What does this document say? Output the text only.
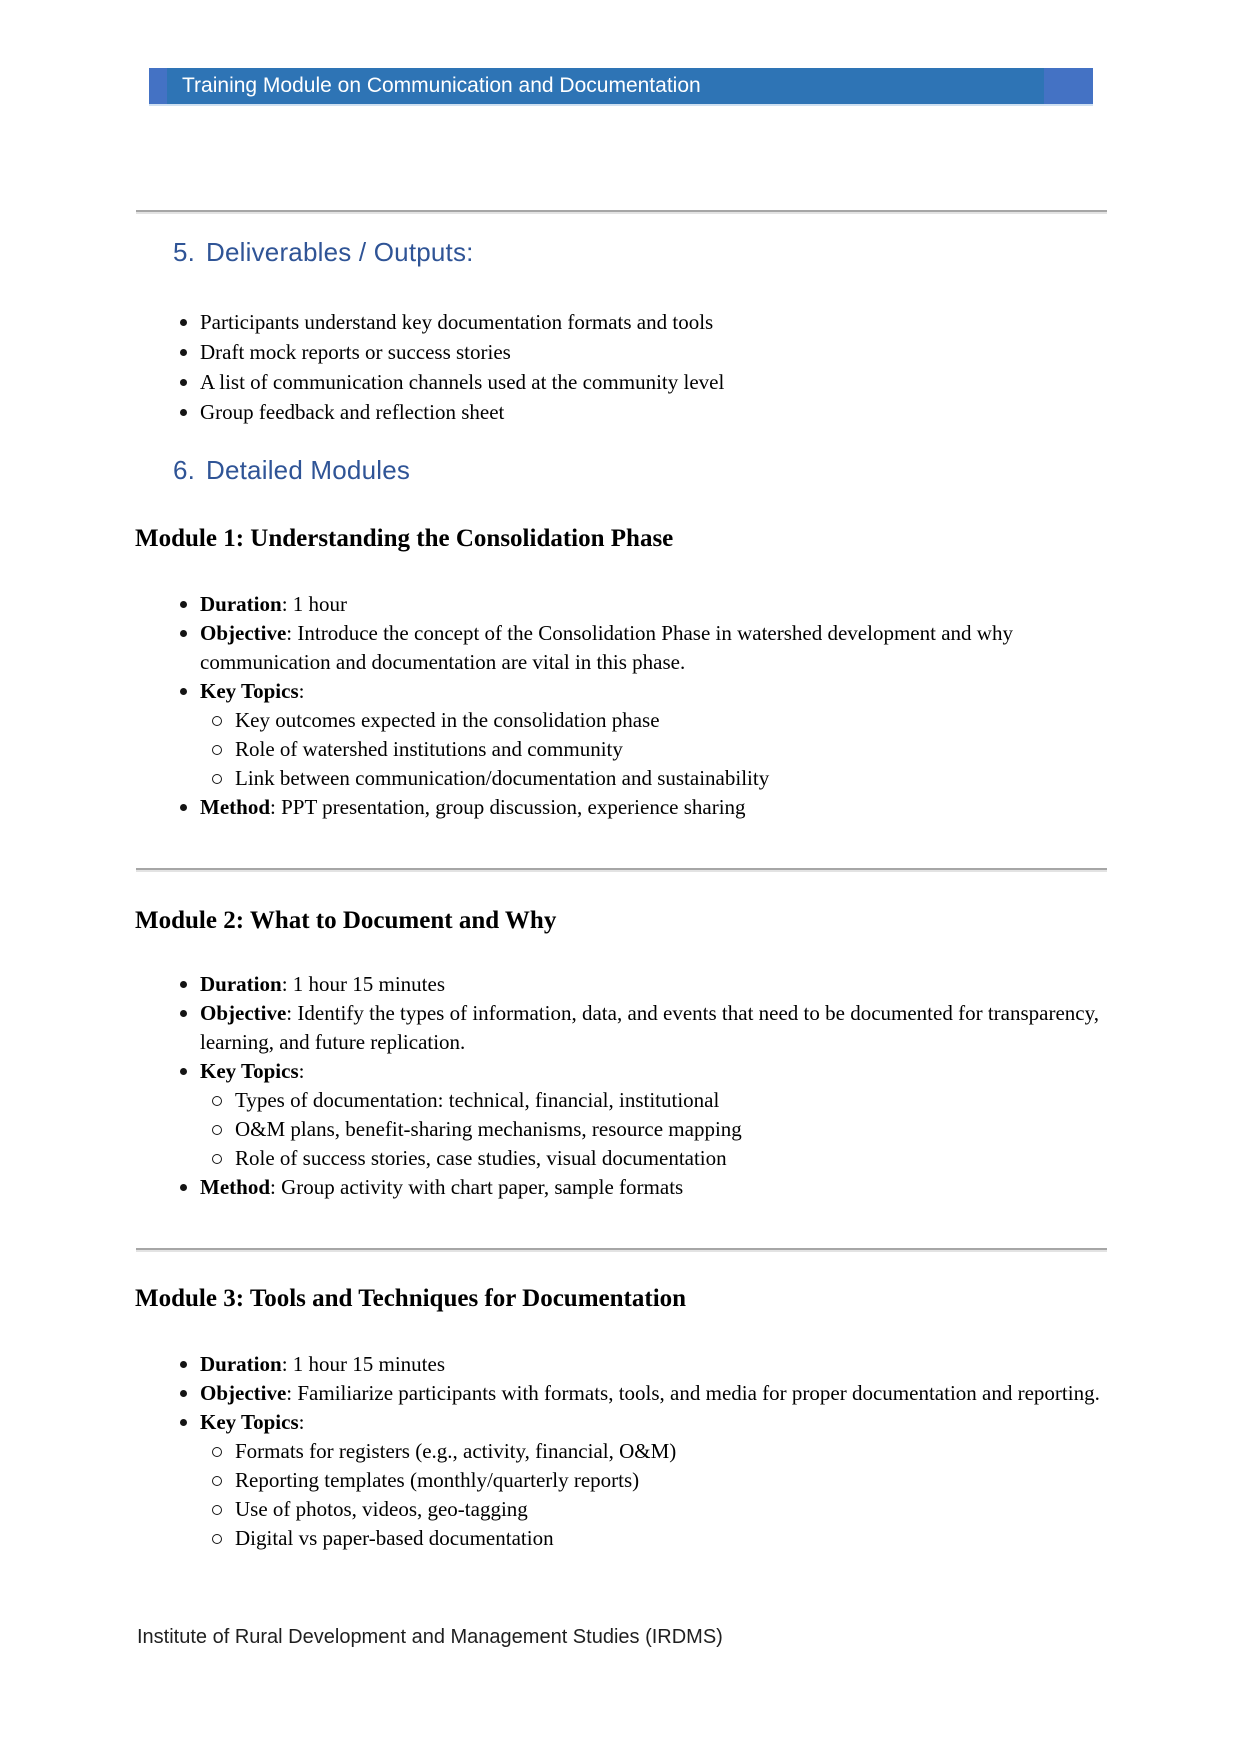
Training Module on Communication and Documentation
5. Deliverables / Outputs:
Participants understand key documentation formats and tools
Draft mock reports or success stories
A list of communication channels used at the community level
Group feedback and reflection sheet
6. Detailed Modules
Module 1: Understanding the Consolidation Phase
Duration: 1 hour
Objective: Introduce the concept of the Consolidation Phase in watershed development and why communication and documentation are vital in this phase.
Key Topics:
Key outcomes expected in the consolidation phase
Role of watershed institutions and community
Link between communication/documentation and sustainability
Method: PPT presentation, group discussion, experience sharing
Module 2: What to Document and Why
Duration: 1 hour 15 minutes
Objective: Identify the types of information, data, and events that need to be documented for transparency, learning, and future replication.
Key Topics:
Types of documentation: technical, financial, institutional
O&M plans, benefit-sharing mechanisms, resource mapping
Role of success stories, case studies, visual documentation
Method: Group activity with chart paper, sample formats
Module 3: Tools and Techniques for Documentation
Duration: 1 hour 15 minutes
Objective: Familiarize participants with formats, tools, and media for proper documentation and reporting.
Key Topics:
Formats for registers (e.g., activity, financial, O&M)
Reporting templates (monthly/quarterly reports)
Use of photos, videos, geo-tagging
Digital vs paper-based documentation
Institute of Rural Development and Management Studies (IRDMS)
